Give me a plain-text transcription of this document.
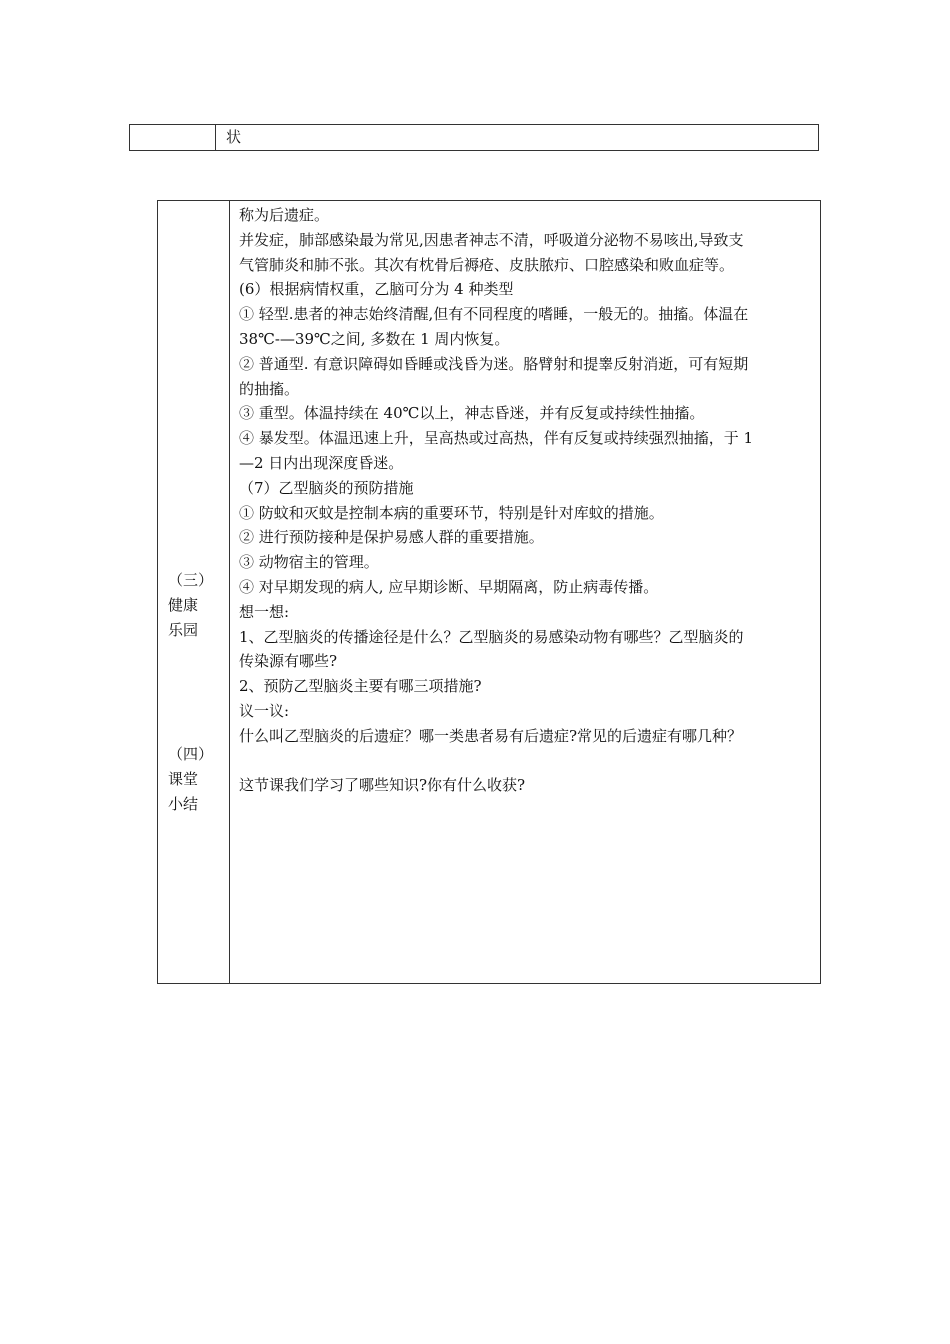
状
（三）
健康
乐园
（四）
课堂
小结

称为后遗症。

并发症，肺部感染最为常见,因患者神志不清，呼吸道分泌物不易咳出,导致支

气管肺炎和肺不张。其次有枕骨后褥疮、皮肤脓疖、口腔感染和败血症等。

(6）根据病情权重，乙脑可分为 4 种类型

① 轻型.患者的神志始终清醒,但有不同程度的嗜睡，一般无的。抽搐。体温在

38℃-—39℃之间, 多数在 1 周内恢复。

② 普通型. 有意识障碍如昏睡或浅昏为迷。胳臂射和提睾反射消逝，可有短期

的抽搐。

③ 重型。体温持续在 40℃以上，神志昏迷，并有反复或持续性抽搐。

④ 暴发型。体温迅速上升，呈高热或过高热，伴有反复或持续强烈抽搐，于 1

—2 日内出现深度昏迷。

（7）乙型脑炎的预防措施

① 防蚊和灭蚊是控制本病的重要环节，特别是针对库蚊的措施。

② 进行预防接种是保护易感人群的重要措施。

③ 动物宿主的管理。

④ 对早期发现的病人, 应早期诊断、早期隔离，防止病毒传播。

想一想:

1、乙型脑炎的传播途径是什么？乙型脑炎的易感染动物有哪些？乙型脑炎的

传染源有哪些?

2、预防乙型脑炎主要有哪三项措施?

议一议:

什么叫乙型脑炎的后遗症？哪一类患者易有后遗症?常见的后遗症有哪几种？

这节课我们学习了哪些知识?你有什么收获?
